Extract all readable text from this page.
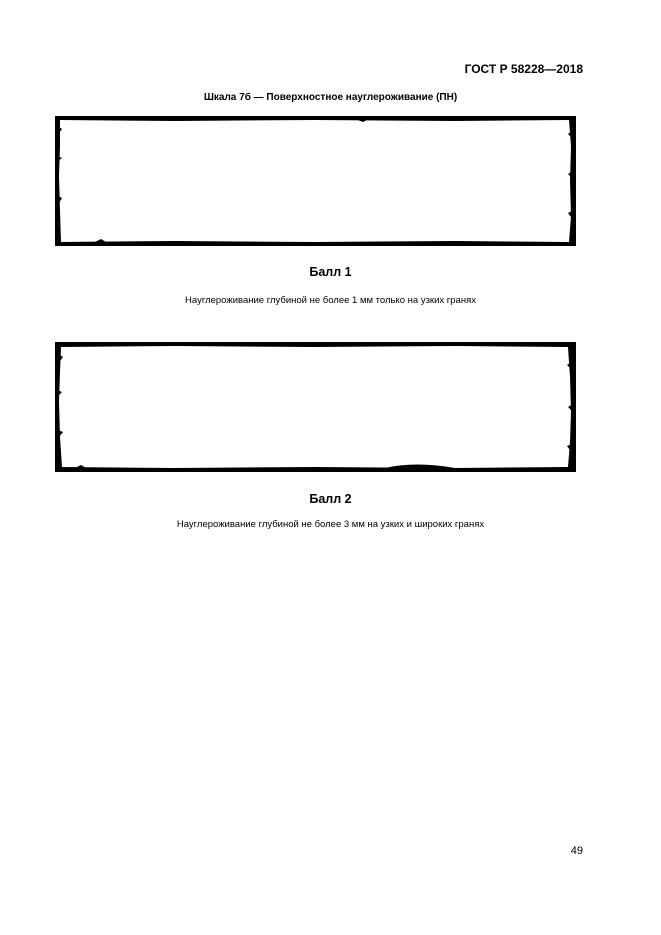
ГОСТ Р 58228—2018
Шкала 7б — Поверхностное науглероживание (ПН)
Балл 1
Науглероживание глубиной не более 1 мм только на узких гранях
Балл 2
Науглероживание глубиной не более 3 мм на узких и широких гранях
49
